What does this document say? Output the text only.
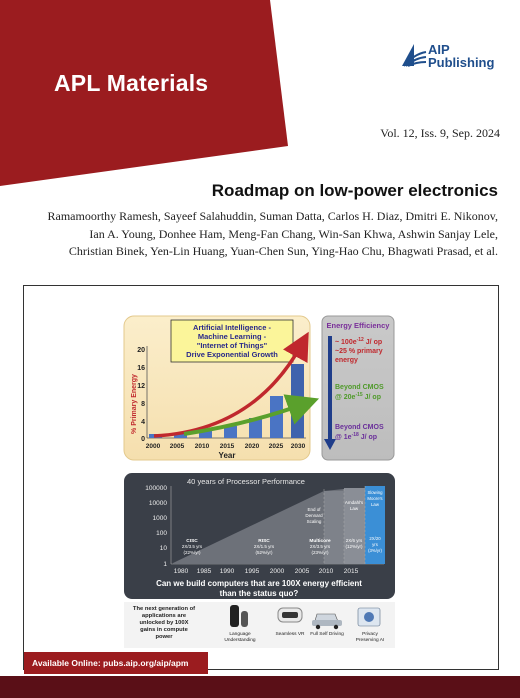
APL Materials
AIP
Publishing
Vol. 12, Iss. 9, Sep. 2024
Roadmap on low-power electronics
Ramamoorthy Ramesh, Sayeef Salahuddin, Suman Datta, Carlos H. Diaz, Dmitri E. Nikonov,
Ian A. Young, Donhee Ham, Meng-Fan Chang, Win-San Khwa, Ashwin Sanjay Lele,
Christian Binek, Yen-Lin Huang, Yuan-Chen Sun, Ying-Hao Chu, Bhagwati Prasad, et al.
Artificial Intelligence -
Machine Learning -
"Internet of Things"
Drive Exponential Growth
% Primary Energy
20
16
12
8
4
0
2000 2005 2010 2015 2020 2025 2030
Year
Energy Efficiency
~ $100e^{-12}$ J/ op
~25 % primary
energy
Beyond CMOS
@ $20e^{-15}$ J/ op
Beyond CMOS
@ $1e^{-18}$ J/ op
40 years of Processor Performance
100000
10000
1000
100
10
1
CISC
2X/3.5 yrs
(22%/yr)
RISC
2X/1.5 yrs
(52%/yr)
End of
Dennard
Scaling
Multicore
2X/3.5 yrs
(23%/yr)
Amdahl's
Law
2X/6 yrs
(12%/yr)
Slowing
Moore's
Law
2X/20
yrs
(3%/yr)
1980 1985 1990 1995 2000 2005 2010 2015
Can we build computers that are 100X energy efficient
than the status quo?
The next generation of
applications are
unlocked by 100X
gains in compute
power	Language
Understanding
Seamless VR Full Self Driving	Privacy
Preserving AI
Available Online: pubs.aip.org/aip/apm
